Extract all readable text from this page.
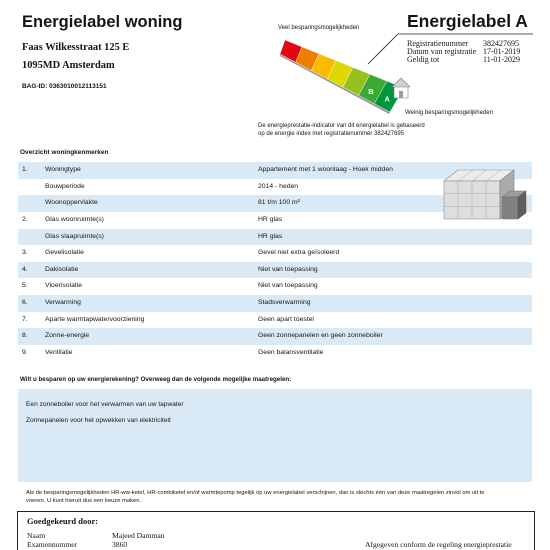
Energielabel woning
Faas Wilkesstraat 125 E
1095MD Amsterdam
BAG-ID: 0363010012113151
Veel besparingsmogelijkheden
B
A
Weinig besparingsmogelijkheden
Energielabel A
Registratienummer 382427695
Datum van registratie 17-01-2019
Geldig tot	11-01-2029
De energieprestatie-indicator van dit energielabel is gebaseerd
op de energie index met registratienummer 382427695
Overzicht woningkenmerken
1.	Woningtype	Appartement met 1 woonlaag - Hoek midden
Bouwperiode	2014 - heden
Woonoppervlakte	81 t/m 100 m²
2.	Glas woonruimte(s)	HR glas
Glas slaapruimte(s)	HR glas
3.	Gevelisolatie	Gevel niet extra geïsoleerd
4.	Dakisolatie	Niet van toepassing
5.	Vloerisolatie	Niet van toepassing
6.	Verwarming	Stadsverwarming
7.	Aparte warmtapwatervoorziening	Geen apart toestel
8.	Zonne-energie	Geen zonnepanelen en geen zonneboiler
9.	Ventilatie	Geen balansventilatie
Wilt u besparen op uw energierekening? Overweeg dan de volgende mogelijke maatregelen:
Een zonneboiler voor het verwarmen van uw tapwater
Zonnepanelen voor het opwekken van elektriciteit
Als de besparingsmogelijkheden HR-ww-ketel, HR-combiketel en/of warmtepomp tegelijk op uw energielabel verschijnen, dan is slechts één van deze maatregelen zinvol om uit te
voeren. U kunt hieruit dus een keuze maken.
Goedgekeurd door:
Naam	Majeed Damman
Examennummer	3860	Afgegeven conform de regeling energieprestatie
